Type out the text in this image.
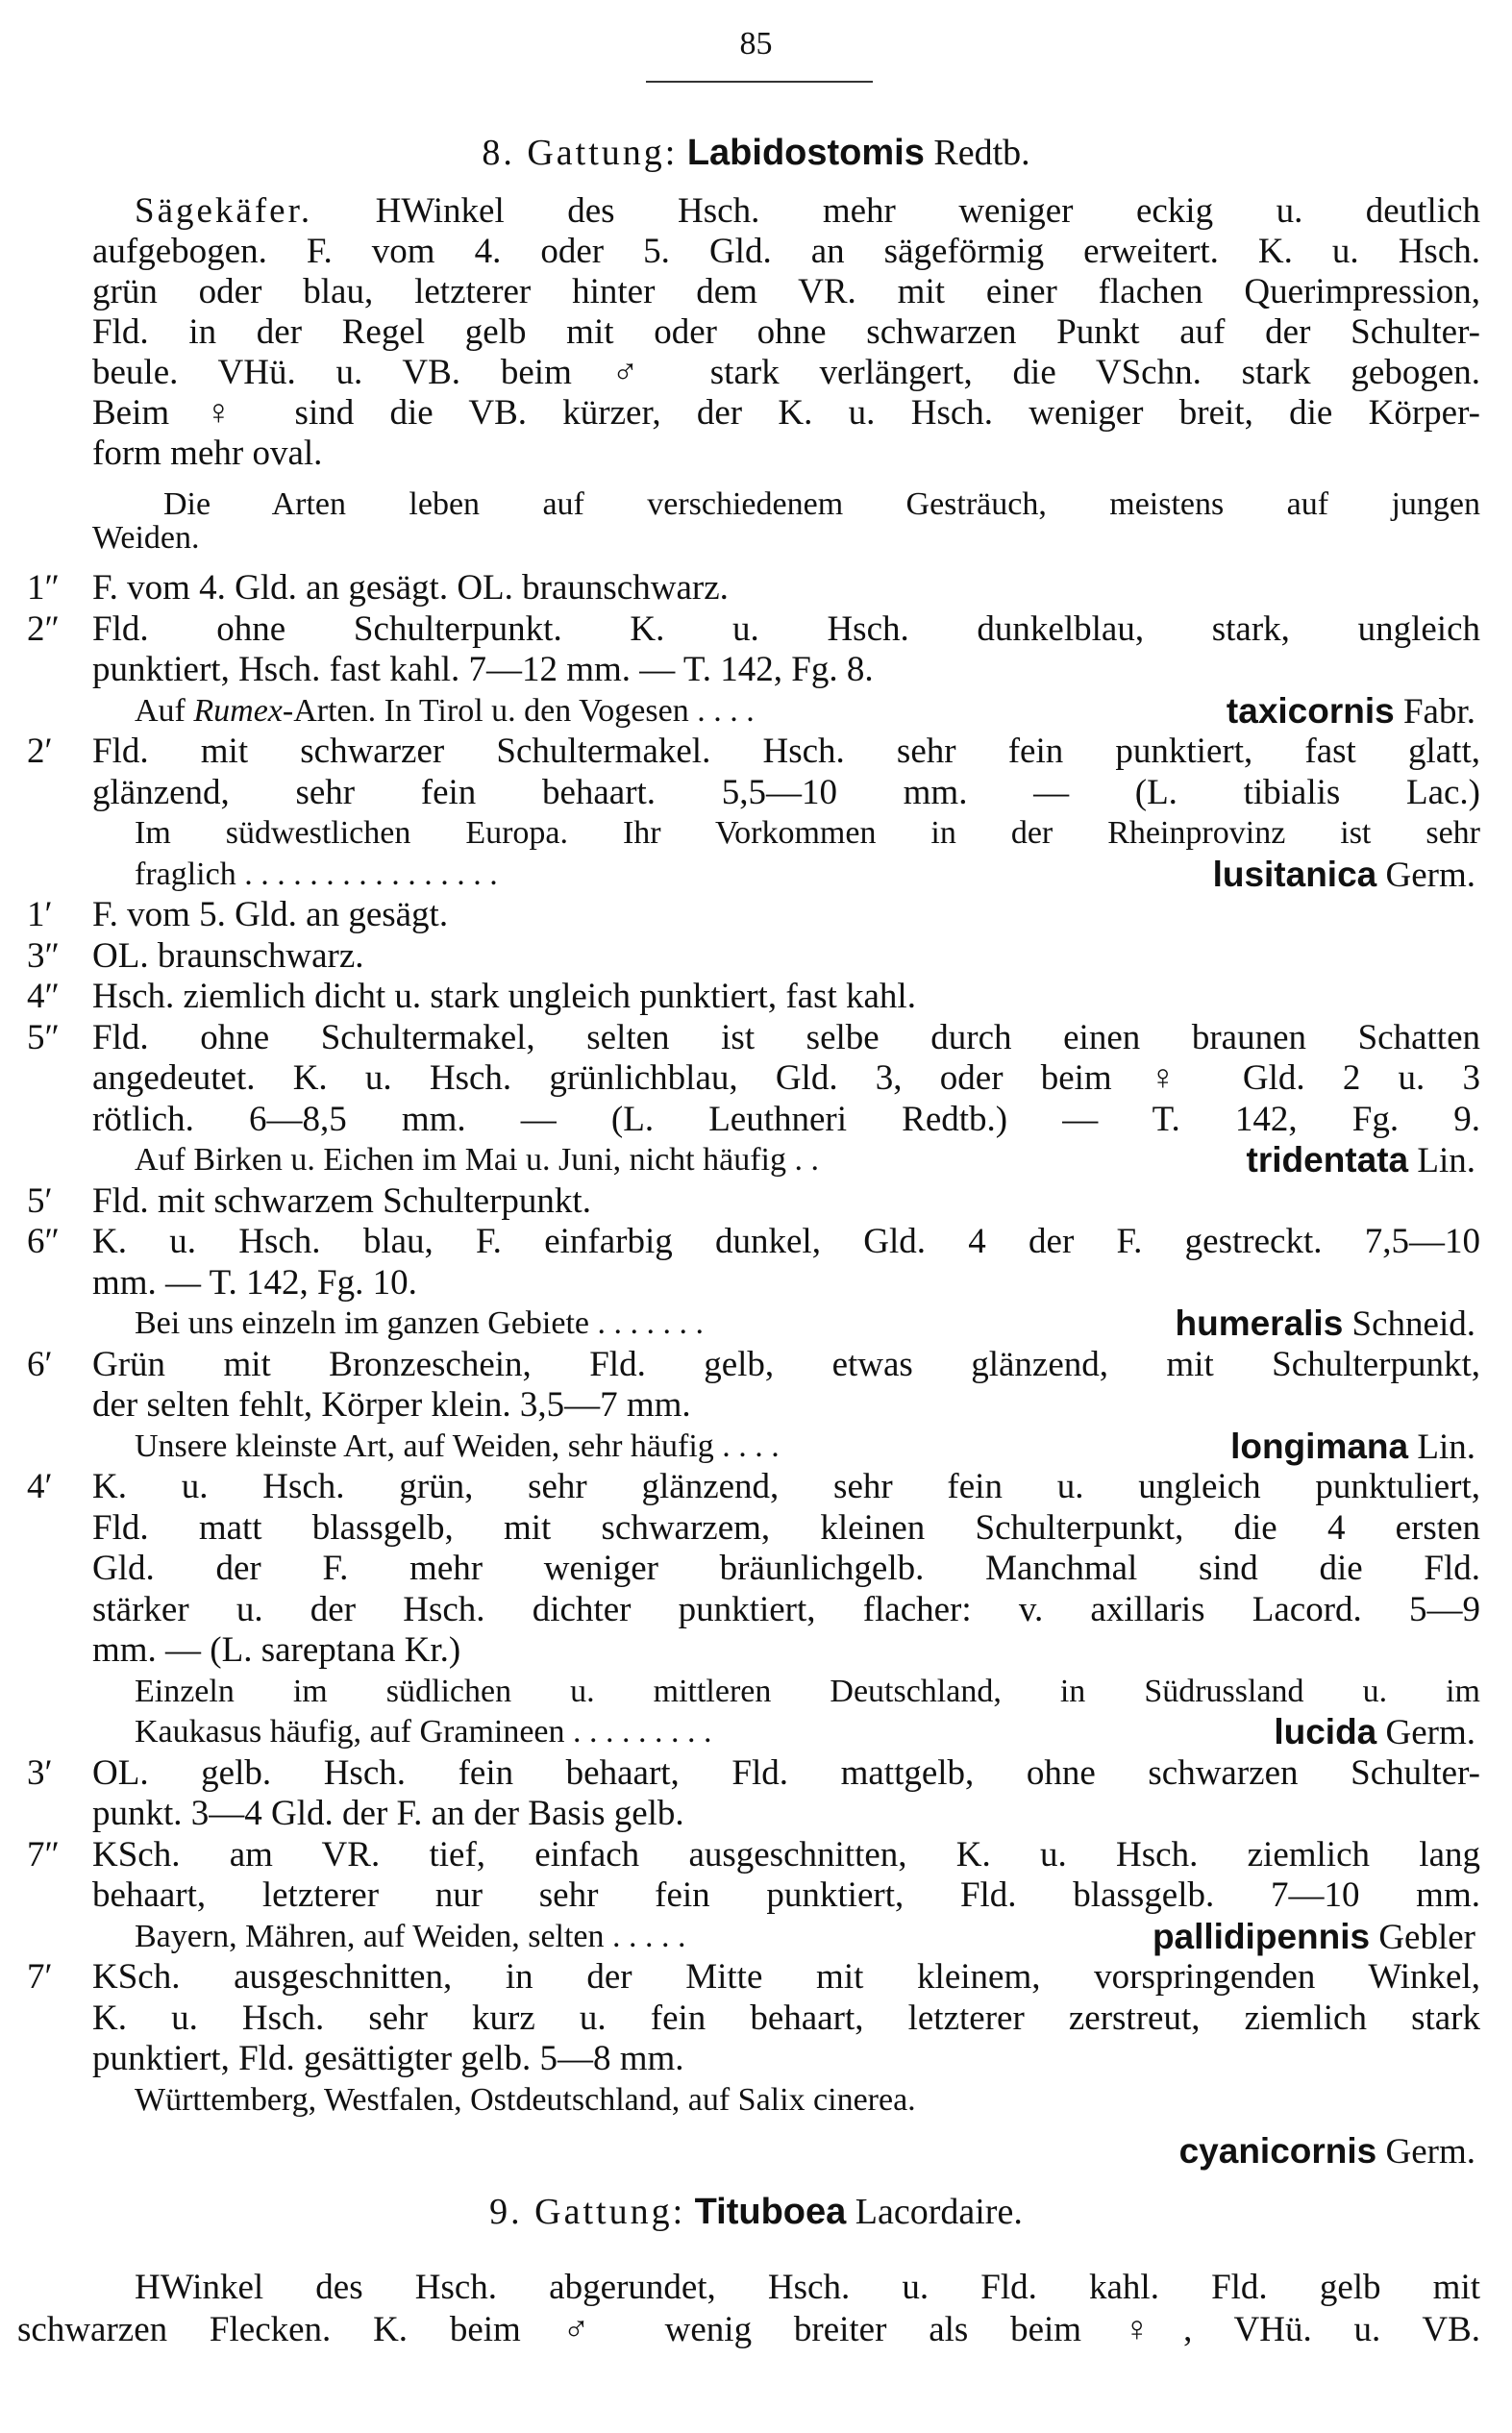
85
8. Gattung: Labidostomis Redtb.
Sägekäfer. HWinkel des Hsch. mehr weniger eckig u. deutlich
aufgebogen. F. vom 4. oder 5. Gld. an sägeförmig erweitert. K. u. Hsch.
grün oder blau, letzterer hinter dem VR. mit einer flachen Querimpression,
Fld. in der Regel gelb mit oder ohne schwarzen Punkt auf der Schulter-
beule. VHü. u. VB. beim ♂ stark verlängert, die VSchn. stark gebogen.
Beim ♀ sind die VB. kürzer, der K. u. Hsch. weniger breit, die Körper-
form mehr oval.
Die Arten leben auf verschiedenem Gesträuch, meistens auf jungen
Weiden.
1″ F. vom 4. Gld. an gesägt. OL. braunschwarz.
2″ Fld. ohne Schulterpunkt. K. u. Hsch. dunkelblau, stark, ungleich
punktiert, Hsch. fast kahl. 7—12 mm. — T. 142, Fg. 8.
Auf Rumex-Arten. In Tirol u. den Vogesen . . . .	taxicornis Fabr.
2′ Fld. mit schwarzer Schultermakel. Hsch. sehr fein punktiert, fast glatt,
glänzend, sehr fein behaart. 5,5—10 mm. — (L. tibialis Lac.)
Im südwestlichen Europa. Ihr Vorkommen in der Rheinprovinz ist sehr
fraglich . . . . . . . . . . . . . . . .	lusitanica Germ.
1′ F. vom 5. Gld. an gesägt.
3″ OL. braunschwarz.
4″ Hsch. ziemlich dicht u. stark ungleich punktiert, fast kahl.
5″ Fld. ohne Schultermakel, selten ist selbe durch einen braunen Schatten
angedeutet. K. u. Hsch. grünlichblau, Gld. 3, oder beim ♀ Gld. 2 u. 3
rötlich. 6—8,5 mm. — (L. Leuthneri Redtb.) — T. 142, Fg. 9.
Auf Birken u. Eichen im Mai u. Juni, nicht häufig . .	tridentata Lin.
5′ Fld. mit schwarzem Schulterpunkt.
6″ K. u. Hsch. blau, F. einfarbig dunkel, Gld. 4 der F. gestreckt. 7,5—10
mm. — T. 142, Fg. 10.
Bei uns einzeln im ganzen Gebiete . . . . . . .	humeralis Schneid.
6′ Grün mit Bronzeschein, Fld. gelb, etwas glänzend, mit Schulterpunkt,
der selten fehlt, Körper klein. 3,5—7 mm.
Unsere kleinste Art, auf Weiden, sehr häufig . . . .	longimana Lin.
4′ K. u. Hsch. grün, sehr glänzend, sehr fein u. ungleich punktuliert,
Fld. matt blassgelb, mit schwarzem, kleinen Schulterpunkt, die 4 ersten
Gld. der F. mehr weniger bräunlichgelb. Manchmal sind die Fld.
stärker u. der Hsch. dichter punktiert, flacher: v. axillaris Lacord. 5—9
mm. — (L. sareptana Kr.)
Einzeln im südlichen u. mittleren Deutschland, in Südrussland u. im
Kaukasus häufig, auf Gramineen . . . . . . . . .	lucida Germ.
3′ OL. gelb. Hsch. fein behaart, Fld. mattgelb, ohne schwarzen Schulter-
punkt. 3—4 Gld. der F. an der Basis gelb.
7″ KSch. am VR. tief, einfach ausgeschnitten, K. u. Hsch. ziemlich lang
behaart, letzterer nur sehr fein punktiert, Fld. blassgelb. 7—10 mm.
Bayern, Mähren, auf Weiden, selten . . . . .	pallidipennis Gebler
7′ KSch. ausgeschnitten, in der Mitte mit kleinem, vorspringenden Winkel,
K. u. Hsch. sehr kurz u. fein behaart, letzterer zerstreut, ziemlich stark
punktiert, Fld. gesättigter gelb. 5—8 mm.
Württemberg, Westfalen, Ostdeutschland, auf Salix cinerea.
cyanicornis Germ.
9. Gattung: Tituboea Lacordaire.
HWinkel des Hsch. abgerundet, Hsch. u. Fld. kahl. Fld. gelb mit
schwarzen Flecken. K. beim ♂ wenig breiter als beim ♀, VHü. u. VB.
